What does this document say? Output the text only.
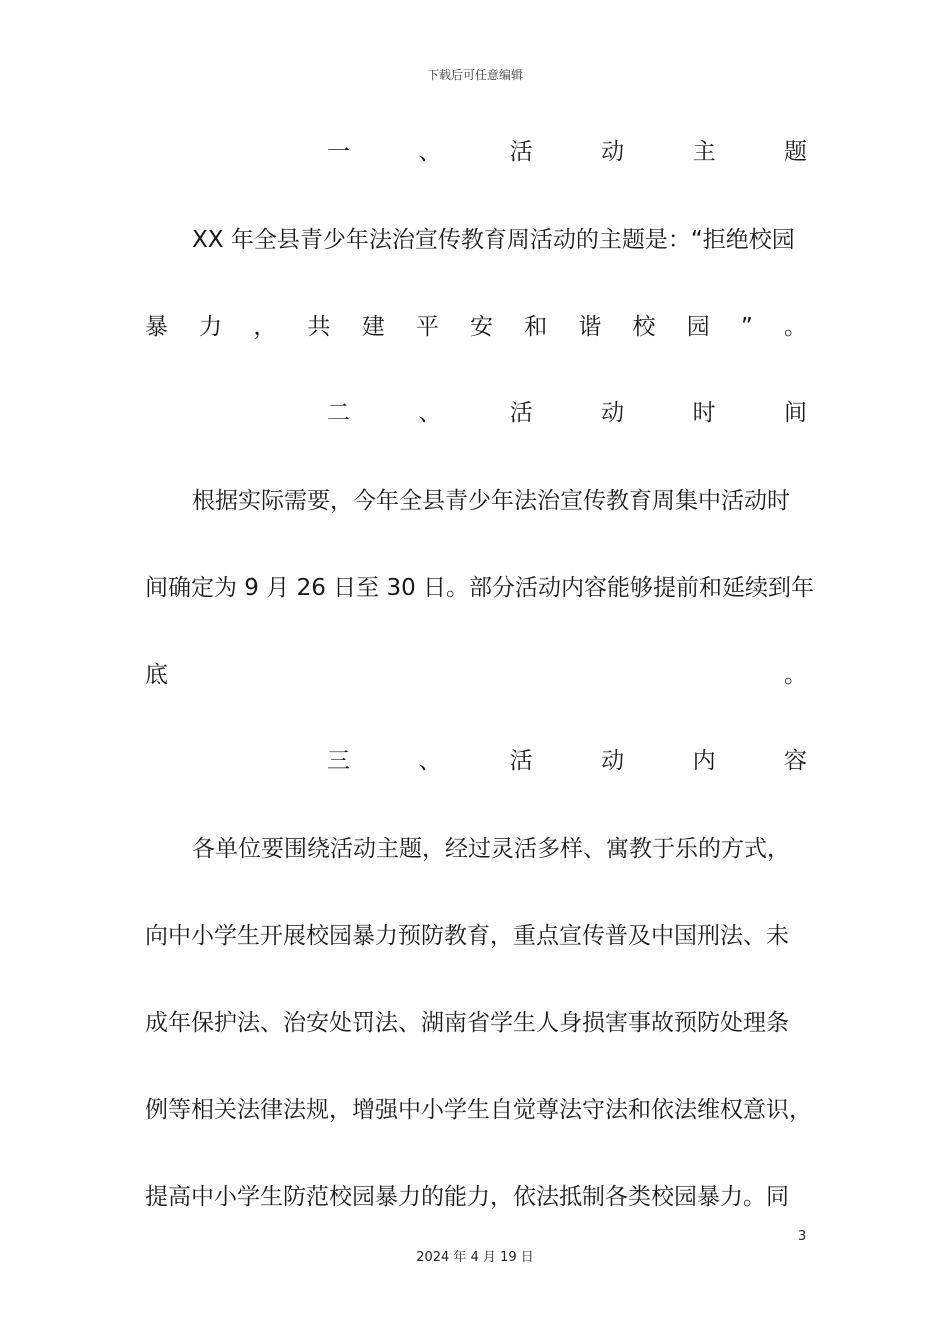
下载后可任意编辑
一	、	活	动	主	题
XX 年全县青少年法治宣传教育周活动的主题是：“拒绝校园
暴 力 ， 共 建 平 安 和 谐 校 园 ” 。
二	、	活	动	时	间
根据实际需要，今年全县青少年法治宣传教育周集中活动时
间确定为 9 月 26 日至 30 日。部分活动内容能够提前和延续到年
底	。
三	、	活	动	内	容
各单位要围绕活动主题，经过灵活多样、寓教于乐的方式，
向中小学生开展校园暴力预防教育，重点宣传普及中国刑法、未
成年保护法、治安处罚法、湖南省学生人身损害事故预防处理条
例等相关法律法规，增强中小学生自觉尊法守法和依法维权意识，
提高中小学生防范校园暴力的能力，依法抵制各类校园暴力。同
3
2024 年 4 月 19 日
